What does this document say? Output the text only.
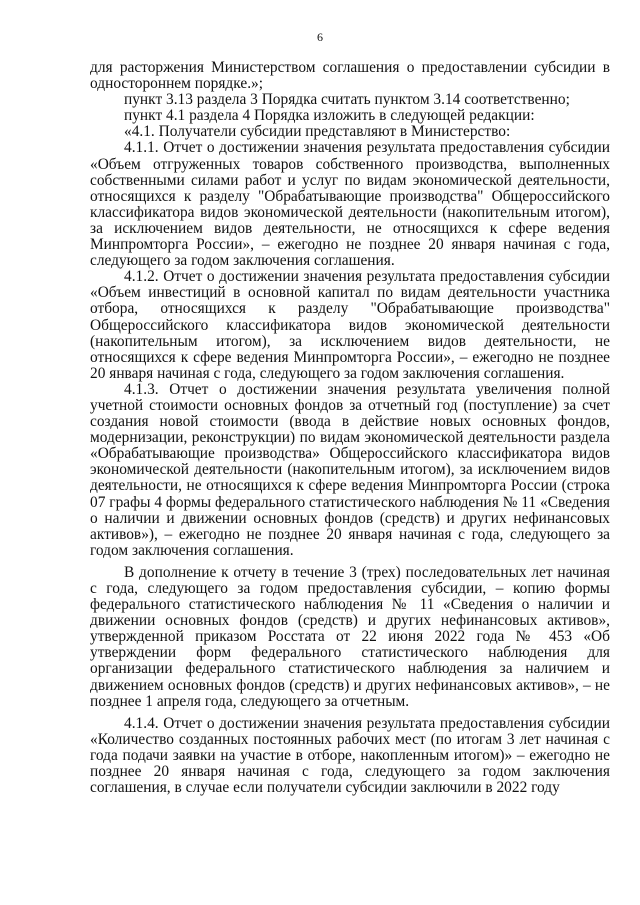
6

для расторжения Министерством соглашения о предоставлении субсидии в одностороннем порядке.»;

пункт 3.13 раздела 3 Порядка считать пунктом 3.14 соответственно;

пункт 4.1 раздела 4 Порядка изложить в следующей редакции:

«4.1. Получатели субсидии представляют в Министерство:

4.1.1. Отчет о достижении значения результата предоставления субсидии «Объем отгруженных товаров собственного производства, выполненных собственными силами работ и услуг по видам экономической деятельности, относящихся к разделу "Обрабатывающие производства" Общероссийского классификатора видов экономической деятельности (накопительным итогом), за исключением видов деятельности, не относящихся к сфере ведения Минпромторга России», – ежегодно не позднее 20 января начиная с года, следующего за годом заключения соглашения.

4.1.2. Отчет о достижении значения результата предоставления субсидии «Объем инвестиций в основной капитал по видам деятельности участника отбора, относящихся к разделу "Обрабатывающие производства" Общероссийского классификатора видов экономической деятельности (накопительным итогом), за исключением видов деятельности, не относящихся к сфере ведения Минпромторга России», – ежегодно не позднее 20 января начиная с года, следующего за годом заключения соглашения.

4.1.3. Отчет о достижении значения результата увеличения полной учетной стоимости основных фондов за отчетный год (поступление) за счет создания новой стоимости (ввода в действие новых основных фондов, модернизации, реконструкции) по видам экономической деятельности раздела «Обрабатывающие производства» Общероссийского классификатора видов экономической деятельности (накопительным итогом), за исключением видов деятельности, не относящихся к сфере ведения Минпромторга России (строка 07 графы 4 формы федерального статистического наблюдения № 11 «Сведения о наличии и движении основных фондов (средств) и других нефинансовых активов»), – ежегодно не позднее 20 января начиная с года, следующего за годом заключения соглашения.

В дополнение к отчету в течение 3 (трех) последовательных лет начиная с года, следующего за годом предоставления субсидии, – копию формы федерального статистического наблюдения № 11 «Сведения о наличии и движении основных фондов (средств) и других нефинансовых активов», утвержденной приказом Росстата от 22 июня 2022 года № 453 «Об утверждении форм федерального статистического наблюдения для организации федерального статистического наблюдения за наличием и движением основных фондов (средств) и других нефинансовых активов», – не позднее 1 апреля года, следующего за отчетным.

4.1.4. Отчет о достижении значения результата предоставления субсидии «Количество созданных постоянных рабочих мест (по итогам 3 лет начиная с года подачи заявки на участие в отборе, накопленным итогом)» – ежегодно не позднее 20 января начиная с года, следующего за годом заключения соглашения, в случае если получатели субсидии заключили в 2022 году
